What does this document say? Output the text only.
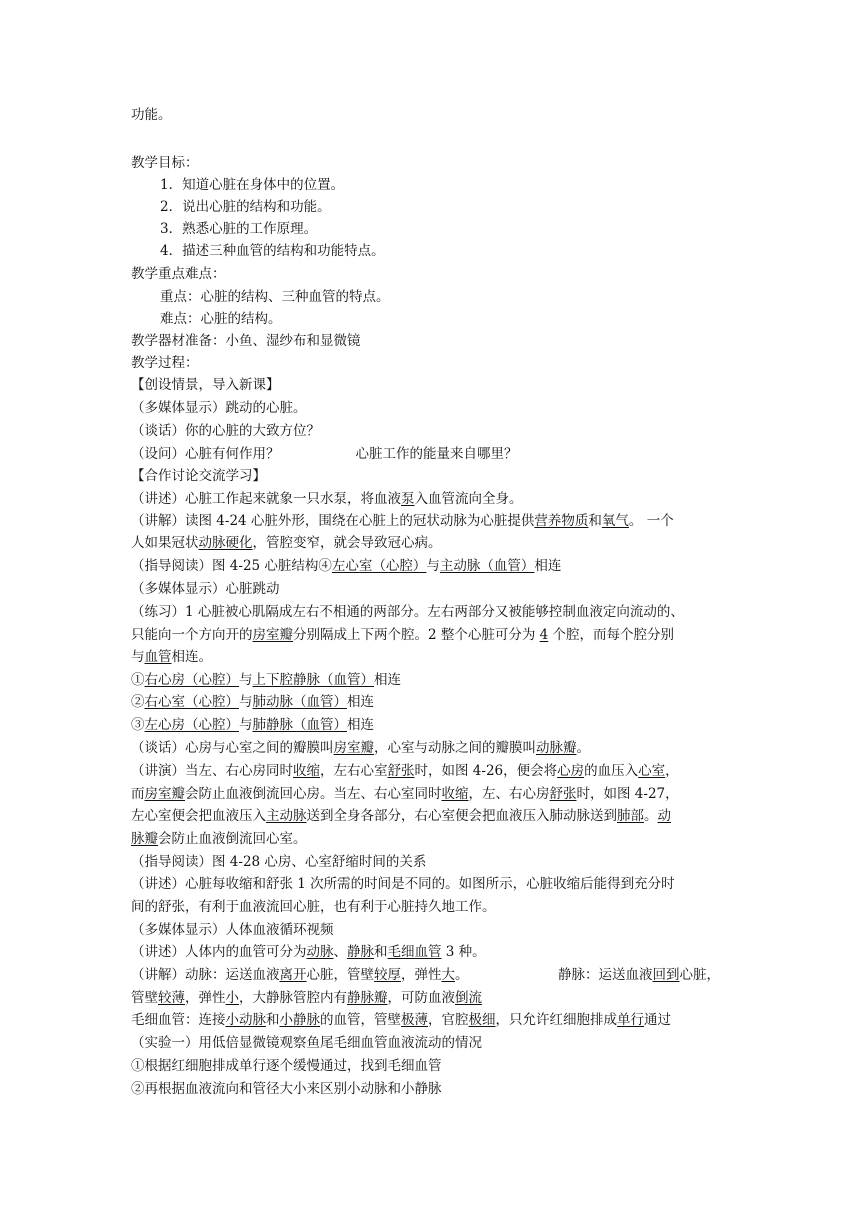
功能。
教学目标：
1．知道心脏在身体中的位置。
2．说出心脏的结构和功能。
3．熟悉心脏的工作原理。
4．描述三种血管的结构和功能特点。
教学重点难点：
重点：心脏的结构、三种血管的特点。
难点：心脏的结构。
教学器材准备：小鱼、湿纱布和显微镜
教学过程：
【创设情景，导入新课】
（多媒体显示）跳动的心脏。
（谈话）你的心脏的大致方位？
（设问）心脏有何作用？	心脏工作的能量来自哪里？
【合作讨论交流学习】
（讲述）心脏工作起来就象一只水泵，将血液泵入血管流向全身。
（讲解）读图 4-24 心脏外形，围绕在心脏上的冠状动脉为心脏提供营养物质和氧气。 一个
人如果冠状动脉硬化，管腔变窄，就会导致冠心病。
（指导阅读）图 4-25 心脏结构④左心室（心腔）与主动脉（血管）相连
（多媒体显示）心脏跳动
（练习）1 心脏被心肌隔成左右不相通的两部分。左右两部分又被能够控制血液定向流动的、
只能向一个方向开的房室瓣分别隔成上下两个腔。2 整个心脏可分为 4 个腔，而每个腔分别
与血管相连。
①右心房（心腔）与上下腔静脉（血管）相连
②右心室（心腔）与肺动脉（血管）相连
③左心房（心腔）与肺静脉（血管）相连
（谈话）心房与心室之间的瓣膜叫房室瓣，心室与动脉之间的瓣膜叫动脉瓣。
（讲演）当左、右心房同时收缩，左右心室舒张时，如图 4-26，便会将心房的血压入心室，
而房室瓣会防止血液倒流回心房。当左、右心室同时收缩，左、右心房舒张时，如图 4-27，
左心室便会把血液压入主动脉送到全身各部分，右心室便会把血液压入肺动脉送到肺部。动
脉瓣会防止血液倒流回心室。
（指导阅读）图 4-28 心房、心室舒缩时间的关系
（讲述）心脏每收缩和舒张 1 次所需的时间是不同的。如图所示，心脏收缩后能得到充分时
间的舒张，有利于血液流回心脏，也有利于心脏持久地工作。
（多媒体显示）人体血液循环视频
（讲述）人体内的血管可分为动脉、静脉和毛细血管 3 种。
（讲解）动脉：运送血液离开心脏，管壁较厚，弹性大。	静脉：运送血液回到心脏，
管壁较薄，弹性小，大静脉管腔内有静脉瓣，可防血液倒流
毛细血管：连接小动脉和小静脉的血管，管壁极薄，官腔极细，只允许红细胞排成单行通过
（实验一）用低倍显微镜观察鱼尾毛细血管血液流动的情况
①根据红细胞排成单行逐个缓慢通过，找到毛细血管
②再根据血液流向和管径大小来区别小动脉和小静脉
